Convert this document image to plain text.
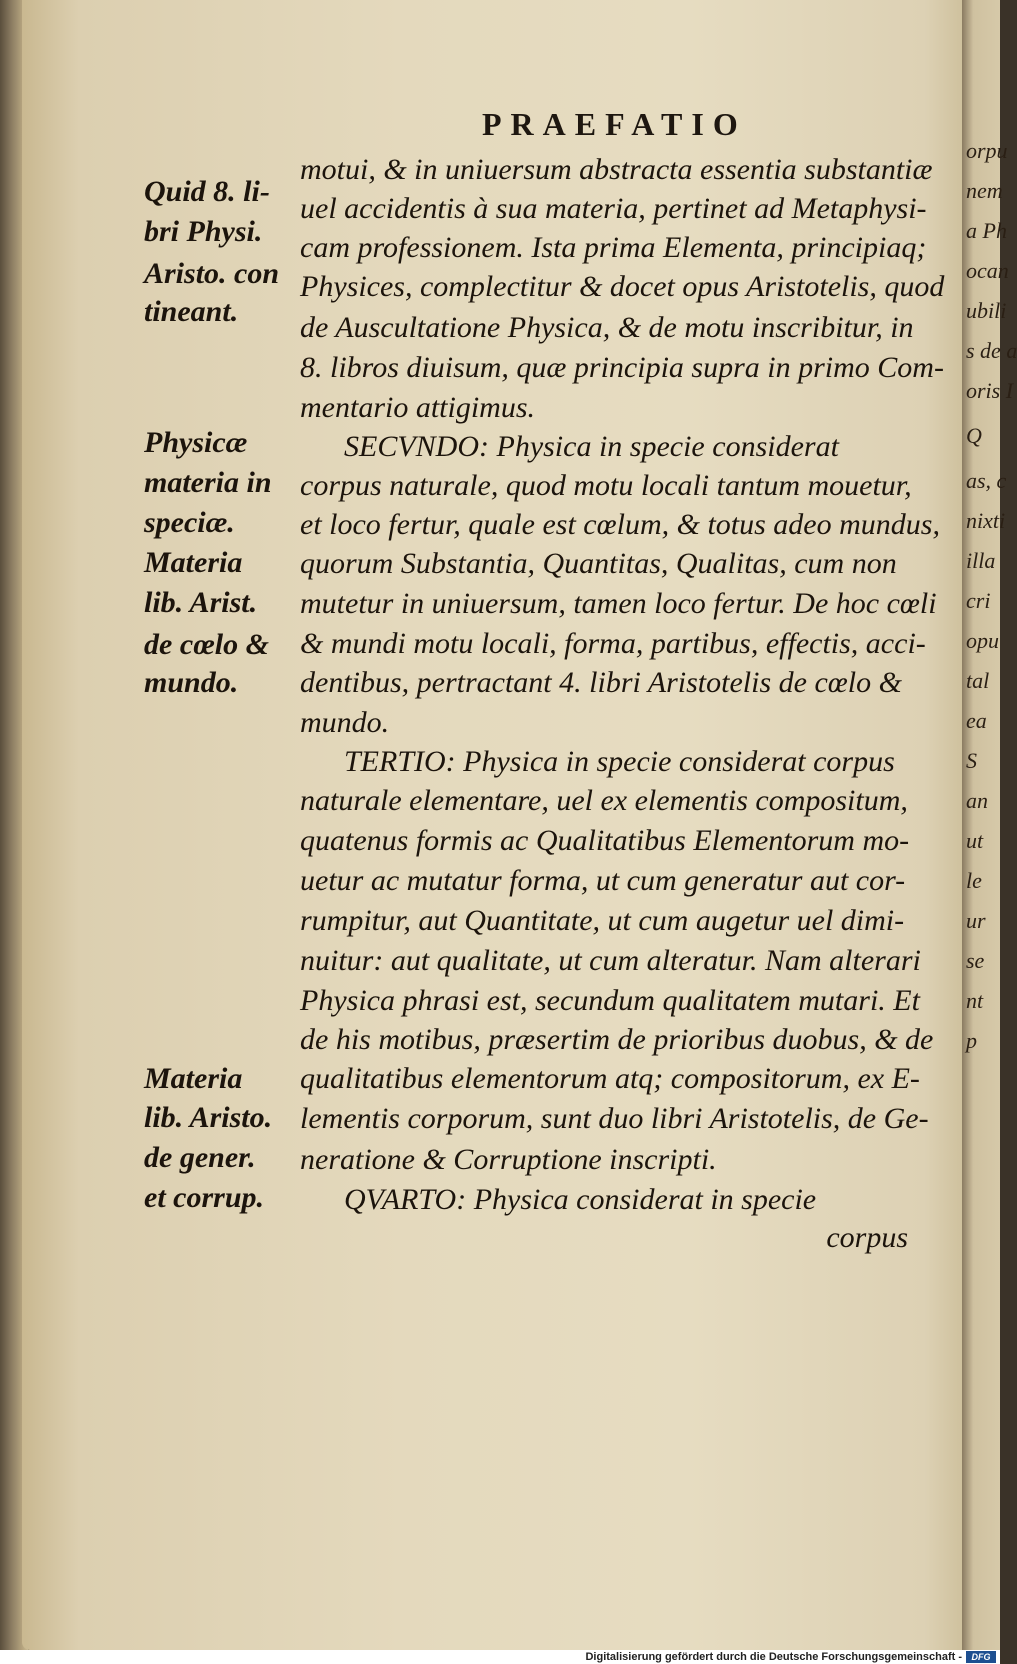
PRAEFATIO
motui, & in uniuersum abstracta essentia substantiæ
uel accidentis à sua materia, pertinet ad Metaphysi-
cam professionem. Ista prima Elementa, principiaq;
Physices, complectitur & docet opus Aristotelis, quod
de Auscultatione Physica, & de motu inscribitur, in
8. libros diuisum, quæ principia supra in primo Com-
mentario attigimus.
SECVNDO: Physica in specie considerat
corpus naturale, quod motu locali tantum mouetur,
et loco fertur, quale est cœlum, & totus adeo mundus,
quorum Substantia, Quantitas, Qualitas, cum non
mutetur in uniuersum, tamen loco fertur. De hoc cœli
& mundi motu locali, forma, partibus, effectis, acci-
dentibus, pertractant 4. libri Aristotelis de cœlo &
mundo.
TERTIO: Physica in specie considerat corpus
naturale elementare, uel ex elementis compositum,
quatenus formis ac Qualitatibus Elementorum mo-
uetur ac mutatur forma, ut cum generatur aut cor-
rumpitur, aut Quantitate, ut cum augetur uel dimi-
nuitur: aut qualitate, ut cum alteratur. Nam alterari
Physica phrasi est, secundum qualitatem mutari. Et
de his motibus, præsertim de prioribus duobus, & de
qualitatibus elementorum atq; compositorum, ex E-
lementis corporum, sunt duo libri Aristotelis, de Ge-
neratione & Corruptione inscripti.
QVARTO: Physica considerat in specie
corpus
Quid 8. li-
bri Physi.
Aristo. con
tineant.
Physicæ
materia in
speciæ.
Materia
lib. Arist.
de cœlo &
mundo.
Materia
lib. Aristo.
de gener.
et corrup.
orpu
nem
a Ph
ocan
ubili
s de a
oris I
Q
as, c
nixti
illa
cri
opu
tal
ea
S
an
ut
le
ur
se
nt
p
Digitalisierung gefördert durch die Deutsche Forschungsgemeinschaft -	DFG
